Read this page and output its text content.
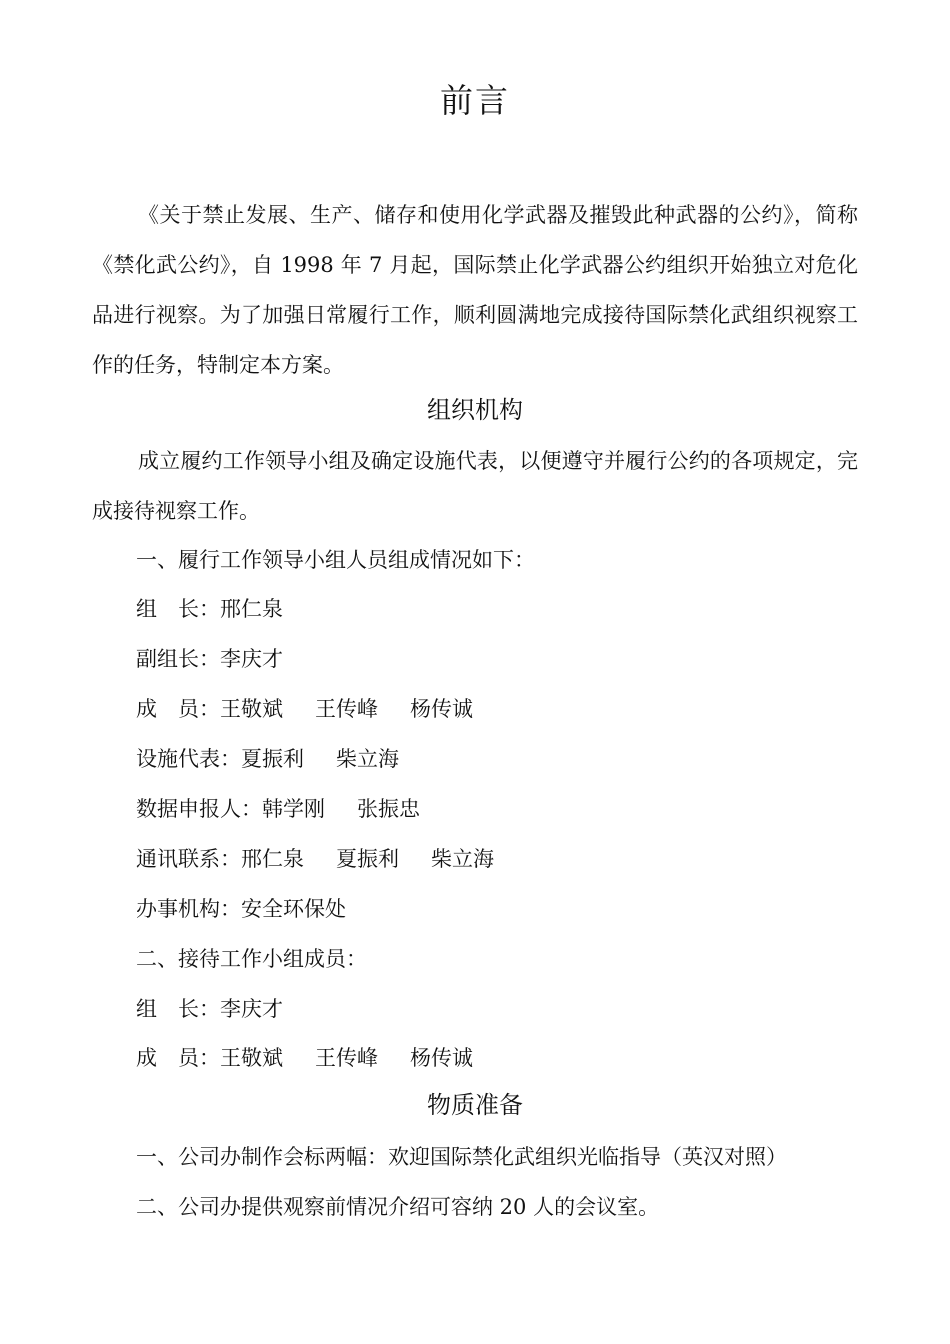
前言
《关于禁止发展、生产、储存和使用化学武器及摧毁此种武器的公约》，简称《禁化武公约》，自 1998 年 7 月起，国际禁止化学武器公约组织开始独立对危化品进行视察。为了加强日常履行工作，顺利圆满地完成接待国际禁化武组织视察工作的任务，特制定本方案。
组织机构
成立履约工作领导小组及确定设施代表，以便遵守并履行公约的各项规定，完成接待视察工作。
一、履行工作领导小组人员组成情况如下：
组　长：邢仁泉
副组长：李庆才
成　员：王敬斌 王传峰 杨传诚
设施代表：夏振利 柴立海
数据申报人：韩学刚 张振忠
通讯联系：邢仁泉 夏振利 柴立海
办事机构：安全环保处
二、接待工作小组成员：
组　长：李庆才
成　员：王敬斌 王传峰 杨传诚
物质准备
一、公司办制作会标两幅：欢迎国际禁化武组织光临指导（英汉对照）
二、公司办提供观察前情况介绍可容纳 20 人的会议室。
